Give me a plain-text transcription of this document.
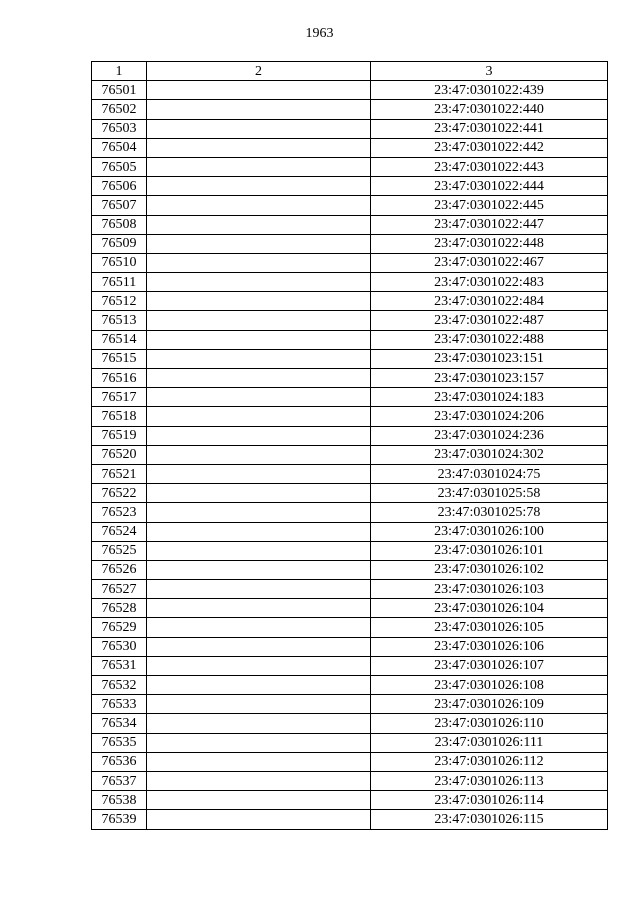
1963
1	2	3
76501		23:47:0301022:439
76502		23:47:0301022:440
76503		23:47:0301022:441
76504		23:47:0301022:442
76505		23:47:0301022:443
76506		23:47:0301022:444
76507		23:47:0301022:445
76508		23:47:0301022:447
76509		23:47:0301022:448
76510		23:47:0301022:467
76511		23:47:0301022:483
76512		23:47:0301022:484
76513		23:47:0301022:487
76514		23:47:0301022:488
76515		23:47:0301023:151
76516		23:47:0301023:157
76517		23:47:0301024:183
76518		23:47:0301024:206
76519		23:47:0301024:236
76520		23:47:0301024:302
76521		23:47:0301024:75
76522		23:47:0301025:58
76523		23:47:0301025:78
76524		23:47:0301026:100
76525		23:47:0301026:101
76526		23:47:0301026:102
76527		23:47:0301026:103
76528		23:47:0301026:104
76529		23:47:0301026:105
76530		23:47:0301026:106
76531		23:47:0301026:107
76532		23:47:0301026:108
76533		23:47:0301026:109
76534		23:47:0301026:110
76535		23:47:0301026:111
76536		23:47:0301026:112
76537		23:47:0301026:113
76538		23:47:0301026:114
76539		23:47:0301026:115
